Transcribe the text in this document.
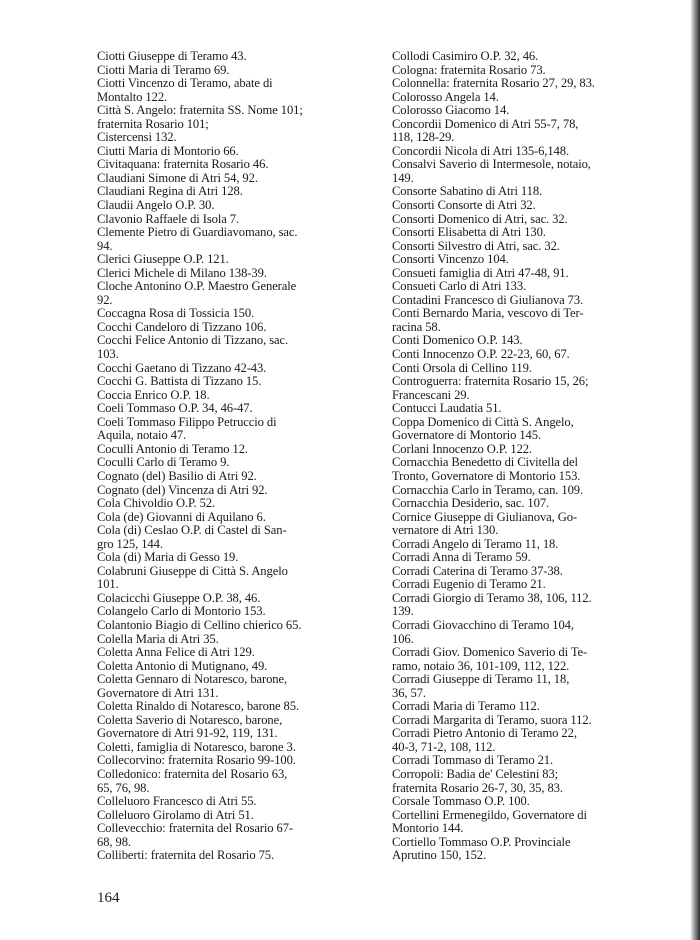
Ciotti Giuseppe di Teramo 43.
Ciotti Maria di Teramo 69.
Ciotti Vincenzo di Teramo, abate di
Montalto 122.
Città S. Angelo: fraternita SS. Nome 101;
fraternita Rosario 101;
Cistercensi 132.
Ciutti Maria di Montorio 66.
Civitaquana: fraternita Rosario 46.
Claudiani Simone di Atri 54, 92.
Claudiani Regina di Atri 128.
Claudii Angelo O.P. 30.
Clavonio Raffaele di Isola 7.
Clemente Pietro di Guardiavomano, sac.
94.
Clerici Giuseppe O.P. 121.
Clerici Michele di Milano 138-39.
Cloche Antonino O.P. Maestro Generale
92.
Coccagna Rosa di Tossicia 150.
Cocchi Candeloro di Tizzano 106.
Cocchi Felice Antonio di Tizzano, sac.
103.
Cocchi Gaetano di Tizzano 42-43.
Cocchi G. Battista di Tizzano 15.
Coccia Enrico O.P. 18.
Coeli Tommaso O.P. 34, 46-47.
Coeli Tommaso Filippo Petruccio di
Aquila, notaio 47.
Coculli Antonio di Teramo 12.
Coculli Carlo di Teramo 9.
Cognato (del) Basilio di Atri 92.
Cognato (del) Vincenza di Atri 92.
Cola Chivoldio O.P. 52.
Cola (de) Giovanni di Aquilano 6.
Cola (di) Ceslao O.P. di Castel di San-
gro 125, 144.
Cola (di) Maria di Gesso 19.
Colabruni Giuseppe di Città S. Angelo
101.
Colacicchi Giuseppe O.P. 38, 46.
Colangelo Carlo di Montorio 153.
Colantonio Biagio di Cellino chierico 65.
Colella Maria di Atri 35.
Coletta Anna Felice di Atri 129.
Coletta Antonio di Mutignano, 49.
Coletta Gennaro di Notaresco, barone,
Governatore di Atri 131.
Coletta Rinaldo di Notaresco, barone 85.
Coletta Saverio di Notaresco, barone,
Governatore di Atri 91-92, 119, 131.
Coletti, famiglia di Notaresco, barone 3.
Collecorvino: fraternita Rosario 99-100.
Colledonico: fraternita del Rosario 63,
65, 76, 98.
Colleluoro Francesco di Atri 55.
Colleluoro Girolamo di Atri 51.
Collevecchio: fraternita del Rosario 67-
68, 98.
Colliberti: fraternita del Rosario 75.
Collodi Casimiro O.P. 32, 46.
Cologna: fraternita Rosario 73.
Colonnella: fraternita Rosario 27, 29, 83.
Colorosso Angela 14.
Colorosso Giacomo 14.
Concordii Domenico di Atri 55-7, 78,
118, 128-29.
Concordii Nicola di Atri 135-6,148.
Consalvi Saverio di Intermesole, notaio,
149.
Consorte Sabatino di Atri 118.
Consorti Consorte di Atri 32.
Consorti Domenico di Atri, sac. 32.
Consorti Elisabetta di Atri 130.
Consorti Silvestro di Atri, sac. 32.
Consorti Vincenzo 104.
Consueti famiglia di Atri 47-48, 91.
Consueti Carlo di Atri 133.
Contadini Francesco di Giulianova 73.
Conti Bernardo Maria, vescovo di Ter-
racina 58.
Conti Domenico O.P. 143.
Conti Innocenzo O.P. 22-23, 60, 67.
Conti Orsola di Cellino 119.
Controguerra: fraternita Rosario 15, 26;
Francescani 29.
Contucci Laudatia 51.
Coppa Domenico di Città S. Angelo,
Governatore di Montorio 145.
Corlani Innocenzo O.P. 122.
Cornacchia Benedetto di Civitella del
Tronto, Governatore di Montorio 153.
Cornacchia Carlo in Teramo, can. 109.
Cornacchia Desiderio, sac. 107.
Cornice Giuseppe di Giulianova, Go-
vernatore di Atri 130.
Corradi Angelo di Teramo 11, 18.
Corradi Anna di Teramo 59.
Corradi Caterina di Teramo 37-38.
Corradi Eugenio di Teramo 21.
Corradi Giorgio di Teramo 38, 106, 112.
139.
Corradi Giovacchino di Teramo 104,
106.
Corradi Giov. Domenico Saverio di Te-
ramo, notaio 36, 101-109, 112, 122.
Corradi Giuseppe di Teramo 11, 18,
36, 57.
Corradi Maria di Teramo 112.
Corradi Margarita di Teramo, suora 112.
Corradi Pietro Antonio di Teramo 22,
40-3, 71-2, 108, 112.
Corradi Tommaso di Teramo 21.
Corropoli: Badia de' Celestini 83;
fraternita Rosario 26-7, 30, 35, 83.
Corsale Tommaso O.P. 100.
Cortellini Ermenegildo, Governatore di
Montorio 144.
Cortiello Tommaso O.P. Provinciale
Aprutino 150, 152.
164
